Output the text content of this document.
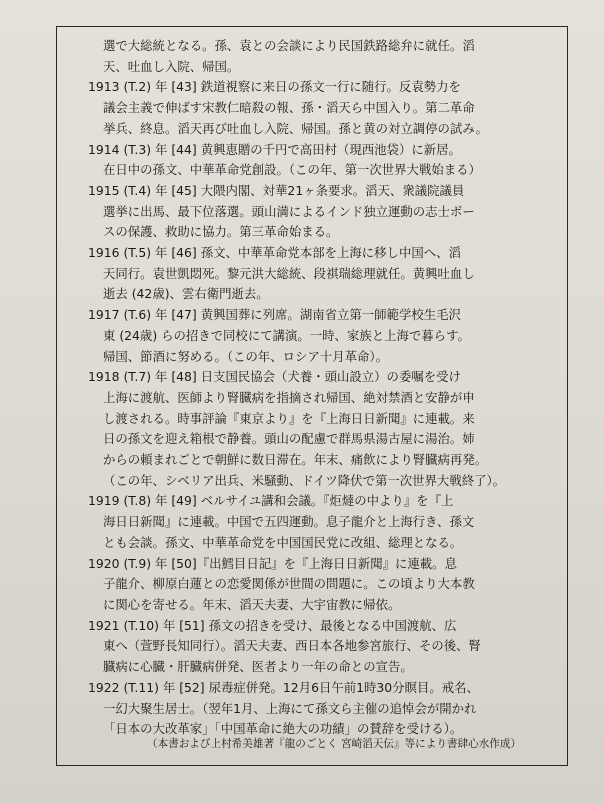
選で大総統となる。孫、袁との会談により民国鉄路総弁に就任。滔
天、吐血し入院、帰国。
1913 (T.2) 年 [43] 鉄道視察に来日の孫文一行に随行。反袁勢力を
議会主義で伸ばす宋教仁暗殺の報、孫・滔天ら中国入り。第二革命
挙兵、終息。滔天再び吐血し入院、帰国。孫と黄の対立調停の試み。
1914 (T.3) 年 [44] 黄興恵贈の千円で高田村（現西池袋）に新居。
在日中の孫文、中華革命党創設。（この年、第一次世界大戦始まる）
1915 (T.4) 年 [45] 大隈内閣、対華21ヶ条要求。滔天、衆議院議員
選挙に出馬、最下位落選。頭山満によるインド独立運動の志士ボー
スの保護、救助に協力。第三革命始まる。
1916 (T.5) 年 [46] 孫文、中華革命党本部を上海に移し中国へ、滔
天同行。袁世凱悶死。黎元洪大総統、段祺瑞総理就任。黄興吐血し
逝去 (42歳)、雲右衛門逝去。
1917 (T.6) 年 [47] 黄興国葬に列席。湖南省立第一師範学校生毛沢
東 (24歳) らの招きで同校にて講演。一時、家族と上海で暮らす。
帰国、節酒に努める。（この年、ロシア十月革命）。
1918 (T.7) 年 [48] 日支国民協会（犬養・頭山設立）の委嘱を受け
上海に渡航、医師より腎臓病を指摘され帰国、絶対禁酒と安静が申
し渡される。時事評論『東京より』を『上海日日新聞』に連載。来
日の孫文を迎え箱根で静養。頭山の配慮で群馬県湯古屋に湯治。姉
からの頼まれごとで朝鮮に数日滞在。年末、痛飲により腎臓病再発。
（この年、シベリア出兵、米騒動、ドイツ降伏で第一次世界大戦終了）。
1919 (T.8) 年 [49] ベルサイユ講和会議。『炬燵の中より』を『上
海日日新聞』に連載。中国で五四運動。息子龍介と上海行き、孫文
とも会談。孫文、中華革命党を中国国民党に改組、総理となる。
1920 (T.9) 年 [50]『出鱈目日記』を『上海日日新聞』に連載。息
子龍介、柳原白蓮との恋愛関係が世間の問題に。この頃より大本教
に関心を寄せる。年末、滔天夫妻、大宇宙教に帰依。
1921 (T.10) 年 [51] 孫文の招きを受け、最後となる中国渡航、広
東へ（萱野長知同行）。滔天夫妻、西日本各地参宮旅行、その後、腎
臓病に心臓・肝臓病併発、医者より一年の命との宣告。
1922 (T.11) 年 [52] 尿毒症併発。12月6日午前1時30分瞑目。戒名、
一幻大聚生居士。（翌年1月、上海にて孫文ら主催の追悼会が開かれ
「日本の大改革家」「中国革命に絶大の功績」の賛辞を受ける）。
（本書および上村希美雄著『龍のごとく 宮崎滔天伝』等により書肆心水作成）
